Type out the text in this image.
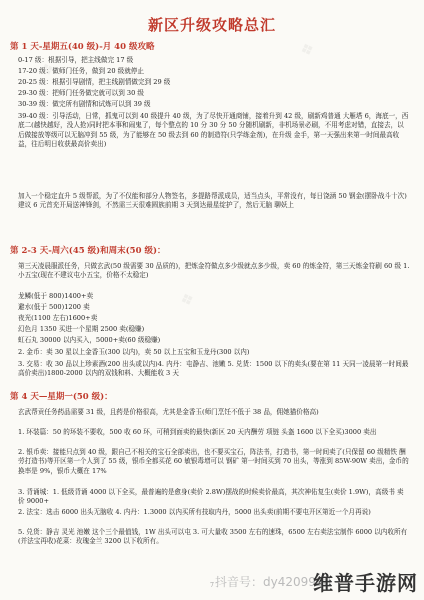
新区升级攻略总汇
第 1 天-星期五(40 级)-月 40 级攻略
0-17 级：根据引导，把主线做完 17 级
17-20 级：做师门任务，做到 20 级就停止
20-25 级：根据引导剧情，把主线剧情做完到 29 级
29-30 级：把师门任务做完就可以到 30 级
30-39 级：做完所有剧情和试炼可以到 39 级
39-40 级：引导活动，日常，抓鬼可以到 40 级提升 40 级，为了尽快开通商铺，接着升到 42 级，刷新鸡普通 大雁塔 6，海底一，西底二(越快越好，没人抢)同时把本事和闹鬼了，每个整点的 10 分 30 分 50 分随机刷新，非机场景必刷，不用考虑对错，直接去，以后做接放等级可以无脑冲到 55 级，为了能够在 50 级去到 60 的制造符(只学练金剂)，在升级 金手，第一天强出来第一时间最高收益，往后明日收获最高价卖出)
加入一个稳定直升 5 级帮派，为了不仅能和部分人物签名，多提路帮派成员，适当点头，平常没有，每日饶涵 50 钢金(摆卧战斗十次)建议 6 元首充开局送神锋剑，不然需三天很难圆族前期 3 天到达最星绽护了，然后无脑 聊妖上
第 2-3 天-周六(45 级)和周末(50 级)：
第三天凌晨服派任务，只做玄武(50 级需要 30 品质的)，把炼金符做点多少级就点多少级，卖 60 的炼金符，第三天炼金符刷 60 级 1.小五宝(现在不建议屯小五宝，价格不太稳定)
龙鳞(低于 800)1400+卖
避水(低于 500)1200 卖
夜光(1100 左右)1600+卖
幻色月 1350 买进一个星期 2500 卖(稳赚)
虹石丸 30000 以内买入，5000+卖(60 级稳赚)
2. 金币：卖 30 星以上金香玉(300 以内)，卖 50 以上五宝和玉龙丹(300 以内)
3. 交易：收 30 品以上珍素酒(200 出头或以内)4. 内丹：屯静吉、池嫩 5. 兑货：1500 以下的卖头(要在第 11 天同一凌晨第一时间最高价卖出)1800-2000 以内的双钱和料、大概能收 3 天
第 4 天—星期一(50 级)：
玄武帮贡任务药品需要 31 级，且药是价格很高，尤其是金香玉(师门烹饪不低于 38 品，佣她猫价格高)
1. 环装篇：50 的环装不要收，500 收 60 环，可稍到面卖的最快(新区 20 天内酬劳 项链 头盔 1600 以下全买)3000 卖出
2. 银币卖：接能只点到 40 级，跟自己不相关的宝石全部卖出，也不要买宝石，阵法书，打造书，第一时间卖了(只保留 60 级精铁 酬劳打造书)等开区第一个人到了 55 级，银币全都买花 60 敏银毒增可以 钢矿 第一时间买到 70 出头，等涨到 85W-90W 卖出，金币的换率是 9%，银币大概在 17%
3. 背诵城：1. 低级背诵 4000 以下全买，最普遍的是愈身(卖价 2.8W)摆战的时候卖价最高，其次神佑复生(卖价 1.9W)，高级书 卖价 9000+
2. 法宝：选击 6000 出头无脑收 4. 内丹：1.3000 以内买所有技取内丹，5000 出头卖(前期不要屯开区第近一个月再说)
5. 兑货：静吉 灵光 池嫩 这个三个最值钱，1W 出头可以屯 3. 可大量收 3500 左右的速珠，6500 左右卖法宝制作 6000 以内收所有(并法宝再收)花菜：玫瑰金兰 3200 以下收所有。
7 抖音号：dy4209998
维普手游网
